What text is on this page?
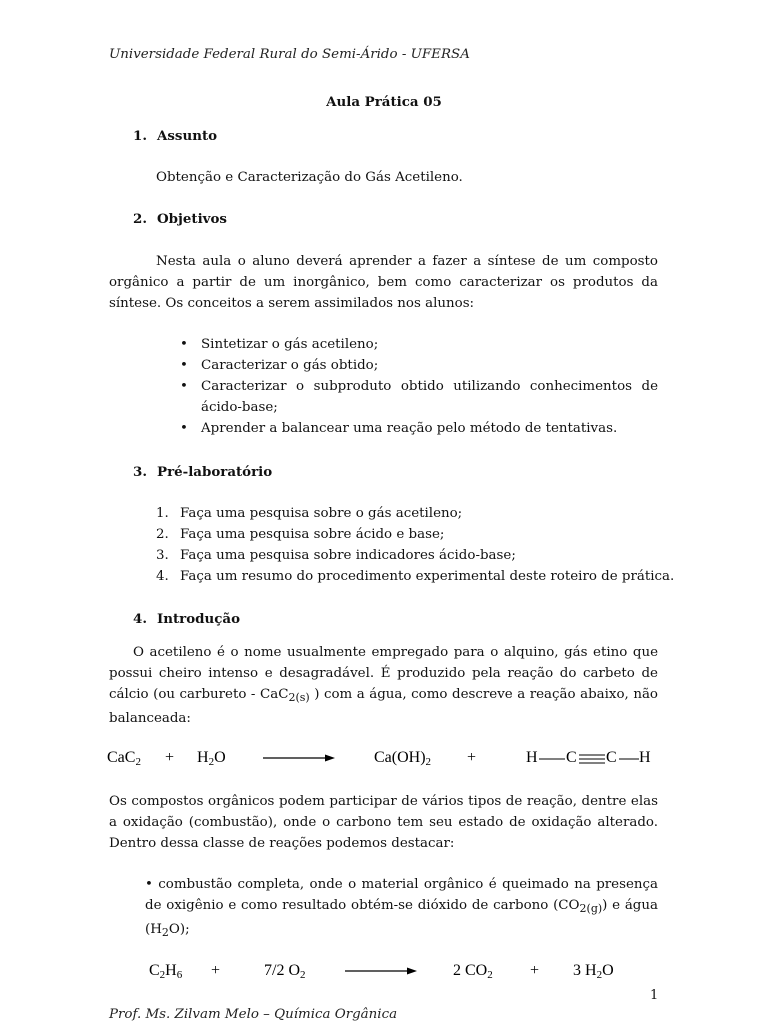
Universidade Federal Rural do Semi-Árido - UFERSA
Aula Prática 05
1. Assunto
Obtenção e Caracterização do Gás Acetileno.
2. Objetivos
Nesta aula o aluno deverá aprender a fazer a síntese de um composto orgânico a partir de um inorgânico, bem como caracterizar os produtos da síntese. Os conceitos a serem assimilados nos alunos:
• Sintetizar o gás acetileno;
• Caracterizar o gás obtido;
• Caracterizar o subproduto obtido utilizando conhecimentos de ácido-base;
• Aprender a balancear uma reação pelo método de tentativas.
3. Pré-laboratório
1. Faça uma pesquisa sobre o gás acetileno;
2. Faça uma pesquisa sobre ácido e base;
3. Faça uma pesquisa sobre indicadores ácido-base;
4. Faça um resumo do procedimento experimental deste roteiro de prática.
4. Introdução
O acetileno é o nome usualmente empregado para o alquino, gás etino que possui cheiro intenso e desagradável. É produzido pela reação do carbeto de cálcio (ou carbureto - CaC$_{2(s)}$ ) com a água, como descreve a reação abaixo, não balanceada:
$CaC_2 + H_2O$	$Ca(OH)_2$ +	H C C H
Os compostos orgânicos podem participar de vários tipos de reação, dentre elas a oxidação (combustão), onde o carbono tem seu estado de oxidação alterado. Dentro dessa classe de reações podemos destacar:
• combustão completa, onde o material orgânico é queimado na presença de oxigênio e como resultado obtém-se dióxido de carbono $(CO_{2(g)})$ e água $(H_2O)$;
$C_2H_6$ +	7/2 $O_2$	2 $CO_2 + 3$ $H_2O$
1
Prof. Ms. Zilvam Melo – Química Orgânica
